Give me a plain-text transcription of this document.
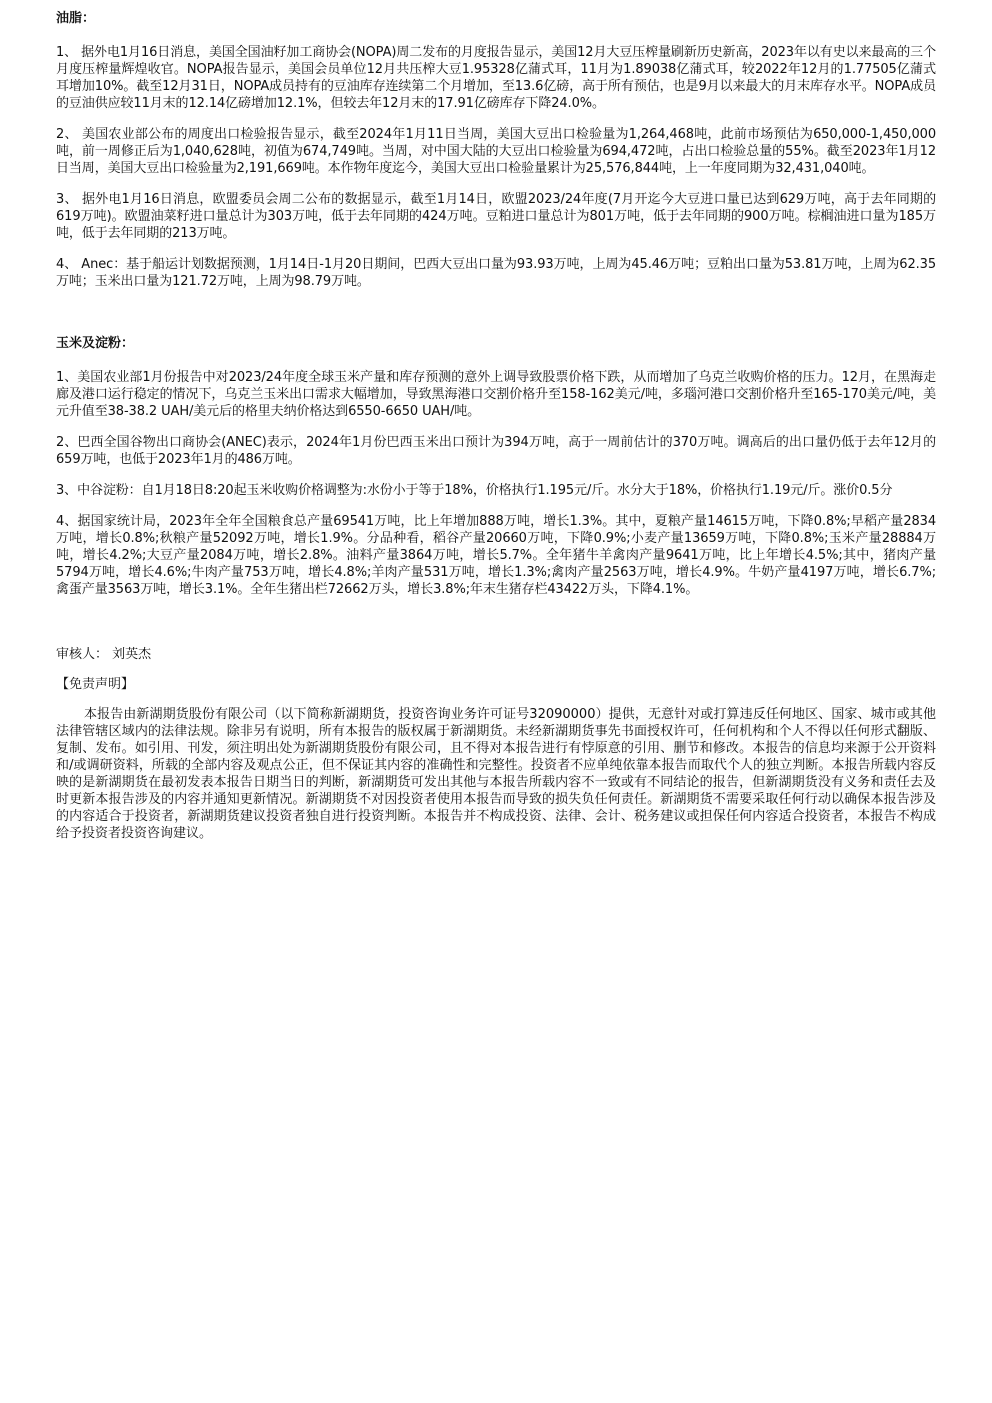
油脂：

1、 据外电1月16日消息，美国全国油籽加工商协会(NOPA)周二发布的月度报告显示，美国12月大豆压榨量刷新历史新高，2023年以有史以来最高的三个月度压榨量辉煌收官。NOPA报告显示，美国会员单位12月共压榨大豆1.95328亿蒲式耳，11月为1.89038亿蒲式耳，较2022年12月的1.77505亿蒲式耳增加10%。截至12月31日，NOPA成员持有的豆油库存连续第二个月增加，至13.6亿磅，高于所有预估，也是9月以来最大的月末库存水平。NOPA成员的豆油供应较11月末的12.14亿磅增加12.1%，但较去年12月末的17.91亿磅库存下降24.0%。

2、 美国农业部公布的周度出口检验报告显示，截至2024年1月11日当周，美国大豆出口检验量为1,264,468吨，此前市场预估为650,000-1,450,000吨，前一周修正后为1,040,628吨，初值为674,749吨。当周，对中国大陆的大豆出口检验量为694,472吨，占出口检验总量的55%。截至2023年1月12日当周，美国大豆出口检验量为2,191,669吨。本作物年度迄今，美国大豆出口检验量累计为25,576,844吨，上一年度同期为32,431,040吨。

3、 据外电1月16日消息，欧盟委员会周二公布的数据显示，截至1月14日，欧盟2023/24年度(7月开迄今大豆进口量已达到629万吨，高于去年同期的619万吨)。欧盟油菜籽进口量总计为303万吨，低于去年同期的424万吨。豆粕进口量总计为801万吨，低于去年同期的900万吨。棕榈油进口量为185万吨，低于去年同期的213万吨。

4、 Anec：基于船运计划数据预测，1月14日-1月20日期间，巴西大豆出口量为93.93万吨，上周为45.46万吨；豆粕出口量为53.81万吨，上周为62.35万吨；玉米出口量为121.72万吨，上周为98.79万吨。

玉米及淀粉：

1、美国农业部1月份报告中对2023/24年度全球玉米产量和库存预测的意外上调导致股票价格下跌，从而增加了乌克兰收购价格的压力。12月，在黑海走廊及港口运行稳定的情况下，乌克兰玉米出口需求大幅增加，导致黑海港口交割价格升至158-162美元/吨，多瑙河港口交割价格升至165-170美元/吨，美元升值至38-38.2 UAH/美元后的格里夫纳价格达到6550-6650 UAH/吨。

2、巴西全国谷物出口商协会(ANEC)表示，2024年1月份巴西玉米出口预计为394万吨，高于一周前估计的370万吨。调高后的出口量仍低于去年12月的659万吨，也低于2023年1月的486万吨。

3、中谷淀粉：自1月18日8:20起玉米收购价格调整为:水份小于等于18%，价格执行1.195元/斤。水分大于18%，价格执行1.19元/斤。涨价0.5分

4、据国家统计局，2023年全年全国粮食总产量69541万吨，比上年增加888万吨，增长1.3%。其中，夏粮产量14615万吨，下降0.8%;早稻产量2834万吨，增长0.8%;秋粮产量52092万吨，增长1.9%。分品种看，稻谷产量20660万吨，下降0.9%;小麦产量13659万吨，下降0.8%;玉米产量28884万吨，增长4.2%;大豆产量2084万吨，增长2.8%。油料产量3864万吨，增长5.7%。全年猪牛羊禽肉产量9641万吨，比上年增长4.5%;其中，猪肉产量5794万吨，增长4.6%;牛肉产量753万吨，增长4.8%;羊肉产量531万吨，增长1.3%;禽肉产量2563万吨，增长4.9%。牛奶产量4197万吨，增长6.7%;禽蛋产量3563万吨，增长3.1%。全年生猪出栏72662万头，增长3.8%;年末生猪存栏43422万头，下降4.1%。

审核人： 刘英杰

【免责声明】

本报告由新湖期货股份有限公司（以下简称新湖期货，投资咨询业务许可证号32090000）提供，无意针对或打算违反任何地区、国家、城市或其他法律管辖区域内的法律法规。除非另有说明，所有本报告的版权属于新湖期货。未经新湖期货事先书面授权许可，任何机构和个人不得以任何形式翻版、复制、发布。如引用、刊发，须注明出处为新湖期货股份有限公司，且不得对本报告进行有悖原意的引用、删节和修改。本报告的信息均来源于公开资料和/或调研资料，所载的全部内容及观点公正，但不保证其内容的准确性和完整性。投资者不应单纯依靠本报告而取代个人的独立判断。本报告所载内容反映的是新湖期货在最初发表本报告日期当日的判断，新湖期货可发出其他与本报告所载内容不一致或有不同结论的报告，但新湖期货没有义务和责任去及时更新本报告涉及的内容并通知更新情况。新湖期货不对因投资者使用本报告而导致的损失负任何责任。新湖期货不需要采取任何行动以确保本报告涉及的内容适合于投资者，新湖期货建议投资者独自进行投资判断。本报告并不构成投资、法律、会计、税务建议或担保任何内容适合投资者，本报告不构成给予投资者投资咨询建议。
